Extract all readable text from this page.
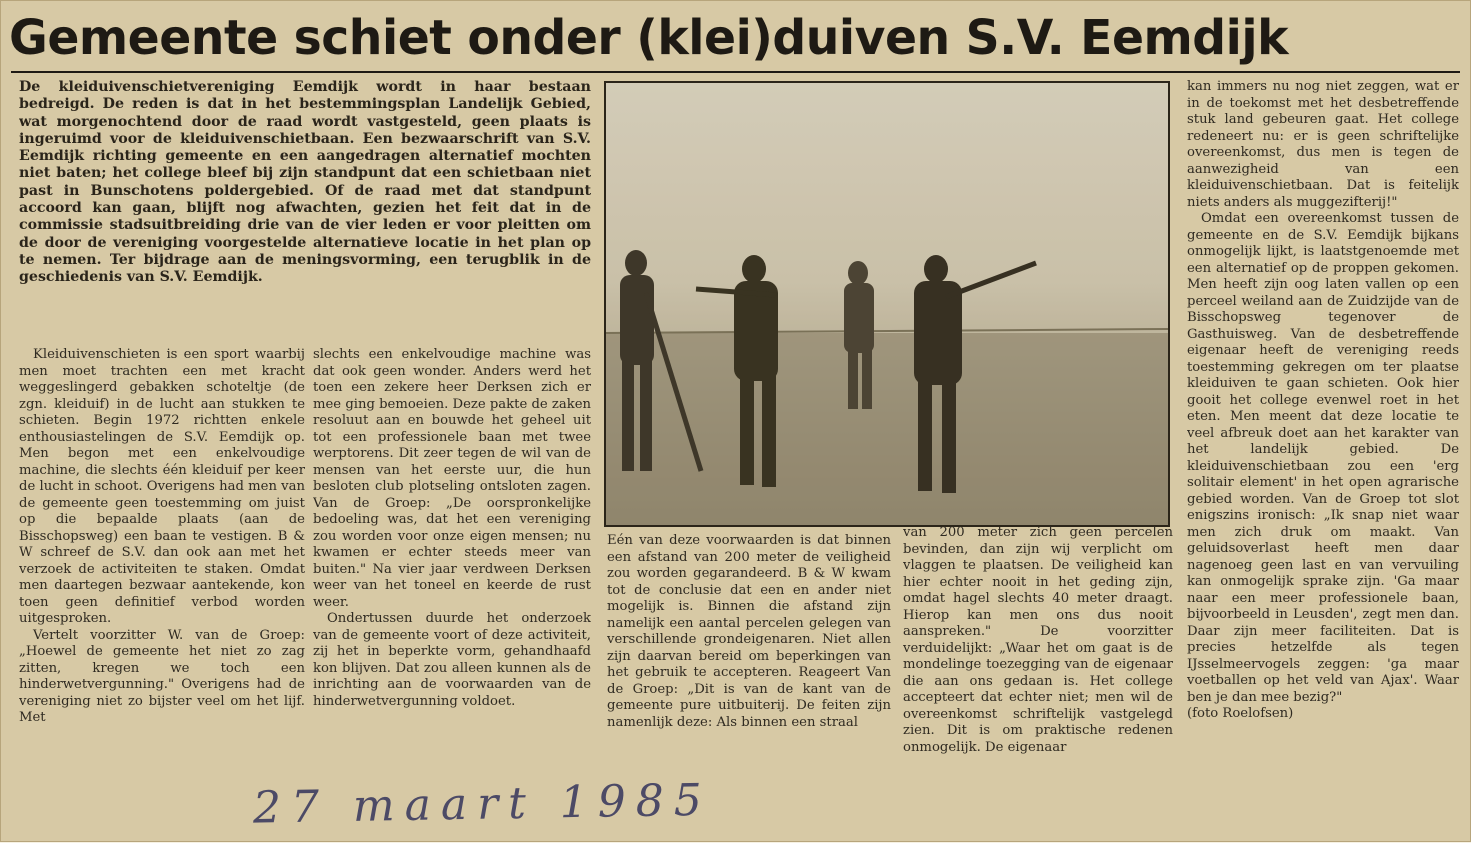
Gemeente schiet onder (klei)duiven S.V. Eemdijk
De kleiduivenschietvereniging Eemdijk wordt in haar bestaan bedreigd. De reden is dat in het bestemmingsplan Landelijk Gebied, wat morgenochtend door de raad wordt vastgesteld, geen plaats is ingeruimd voor de kleiduivenschietbaan. Een bezwaarschrift van S.V. Eemdijk richting gemeente en een aangedragen alternatief mochten niet baten; het college bleef bij zijn standpunt dat een schietbaan niet past in Bunschotens poldergebied. Of de raad met dat standpunt accoord kan gaan, blijft nog afwachten, gezien het feit dat in de commissie stadsuitbreiding drie van de vier leden er voor pleitten om de door de vereniging voorgestelde alternatieve locatie in het plan op te nemen. Ter bijdrage aan de meningsvorming, een terugblik in de geschiedenis van S.V. Eemdijk.

Kleiduivenschieten is een sport waarbij men moet trachten een met kracht weggeslingerd gebakken schoteltje (de zgn. kleiduif) in de lucht aan stukken te schieten. Begin 1972 richtten enkele enthousiastelingen de S.V. Eemdijk op. Men begon met een enkelvoudige machine, die slechts één kleiduif per keer de lucht in schoot. Overigens had men van de gemeente geen toestemming om juist op die bepaalde plaats (aan de Bisschopsweg) een baan te vestigen. B & W schreef de S.V. dan ook aan met het verzoek de activiteiten te staken. Omdat men daartegen bezwaar aantekende, kon toen geen definitief verbod worden uitgesproken.

Vertelt voorzitter W. van de Groep: „Hoewel de gemeente het niet zo zag zitten, kregen we toch een hinderwetvergunning." Overigens had de vereniging niet zo bijster veel om het lijf. Met

slechts een enkelvoudige machine was dat ook geen wonder. Anders werd het toen een zekere heer Derksen zich er mee ging bemoeien. Deze pakte de zaken resoluut aan en bouwde het geheel uit tot een professionele baan met twee werptorens. Dit zeer tegen de wil van de mensen van het eerste uur, die hun besloten club plotseling ontsloten zagen. Van de Groep: „De oorspronkelijke bedoeling was, dat het een vereniging zou worden voor onze eigen mensen; nu kwamen er echter steeds meer van buiten." Na vier jaar verdween Derksen weer van het toneel en keerde de rust weer.

Ondertussen duurde het onderzoek van de gemeente voort of deze activiteit, zij het in beperkte vorm, gehandhaafd kon blijven. Dat zou alleen kunnen als de inrichting aan de voorwaarden van de hinderwetvergunning voldoet.

Eén van deze voorwaarden is dat binnen een afstand van 200 meter de veiligheid zou worden gegarandeerd. B & W kwam tot de conclusie dat een en ander niet mogelijk is. Binnen die afstand zijn namelijk een aantal percelen gelegen van verschillende grondeigenaren. Niet allen zijn daarvan bereid om beperkingen van het gebruik te accepteren. Reageert Van de Groep: „Dit is van de kant van de gemeente pure uitbuiterij. De feiten zijn namenlijk deze: Als binnen een straal

van 200 meter zich geen percelen bevinden, dan zijn wij verplicht om vlaggen te plaatsen. De veiligheid kan hier echter nooit in het geding zijn, omdat hagel slechts 40 meter draagt. Hierop kan men ons dus nooit aanspreken." De voorzitter verduidelijkt: „Waar het om gaat is de mondelinge toezegging van de eigenaar die aan ons gedaan is. Het college accepteert dat echter niet; men wil de overeenkomst schriftelijk vastgelegd zien. Dit is om praktische redenen onmogelijk. De eigenaar

kan immers nu nog niet zeggen, wat er in de toekomst met het desbetreffende stuk land gebeuren gaat. Het college redeneert nu: er is geen schriftelijke overeenkomst, dus men is tegen de aanwezigheid van een kleiduivenschietbaan. Dat is feitelijk niets anders als muggezifterij!"

Omdat een overeenkomst tussen de gemeente en de S.V. Eemdijk bijkans onmogelijk lijkt, is laatstgenoemde met een alternatief op de proppen gekomen. Men heeft zijn oog laten vallen op een perceel weiland aan de Zuidzijde van de Bisschopsweg tegenover de Gasthuisweg. Van de desbetreffende eigenaar heeft de vereniging reeds toestemming gekregen om ter plaatse kleiduiven te gaan schieten. Ook hier gooit het college evenwel roet in het eten. Men meent dat deze locatie te veel afbreuk doet aan het karakter van het landelijk gebied. De kleiduivenschietbaan zou een 'erg solitair element' in het open agrarische gebied worden. Van de Groep tot slot enigszins ironisch: „Ik snap niet waar men zich druk om maakt. Van geluidsoverlast heeft men daar nagenoeg geen last en van vervuiling kan onmogelijk sprake zijn. 'Ga maar naar een meer professionele baan, bijvoorbeeld in Leusden', zegt men dan. Daar zijn meer faciliteiten. Dat is precies hetzelfde als tegen IJsselmeervogels zeggen: 'ga maar voetballen op het veld van Ajax'. Waar ben je dan mee bezig?"

(foto Roelofsen)

27 maart 1985
